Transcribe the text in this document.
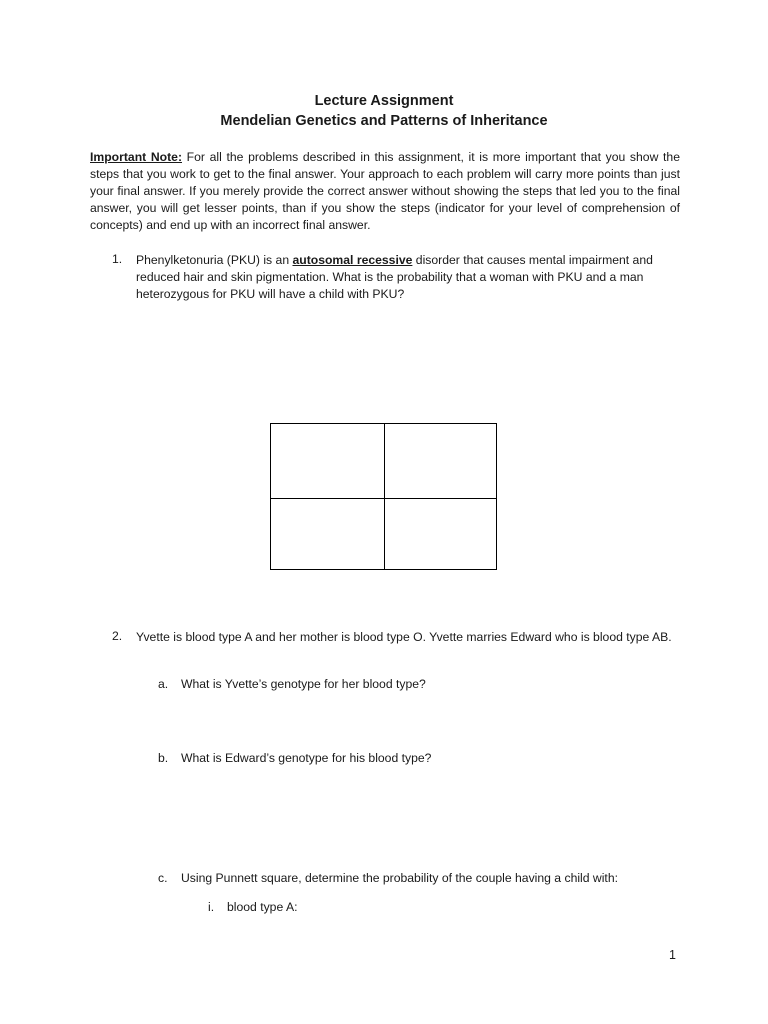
Lecture Assignment
Mendelian Genetics and Patterns of Inheritance
Important Note: For all the problems described in this assignment, it is more important that you show the steps that you work to get to the final answer. Your approach to each problem will carry more points than just your final answer. If you merely provide the correct answer without showing the steps that led you to the final answer, you will get lesser points, than if you show the steps (indicator for your level of comprehension of concepts) and end up with an incorrect final answer.
1. Phenylketonuria (PKU) is an autosomal recessive disorder that causes mental impairment and reduced hair and skin pigmentation. What is the probability that a woman with PKU and a man heterozygous for PKU will have a child with PKU?
2. Yvette is blood type A and her mother is blood type O. Yvette marries Edward who is blood type AB.
a. What is Yvette’s genotype for her blood type?
b. What is Edward’s genotype for his blood type?
c. Using Punnett square, determine the probability of the couple having a child with:
i. blood type A:
1
